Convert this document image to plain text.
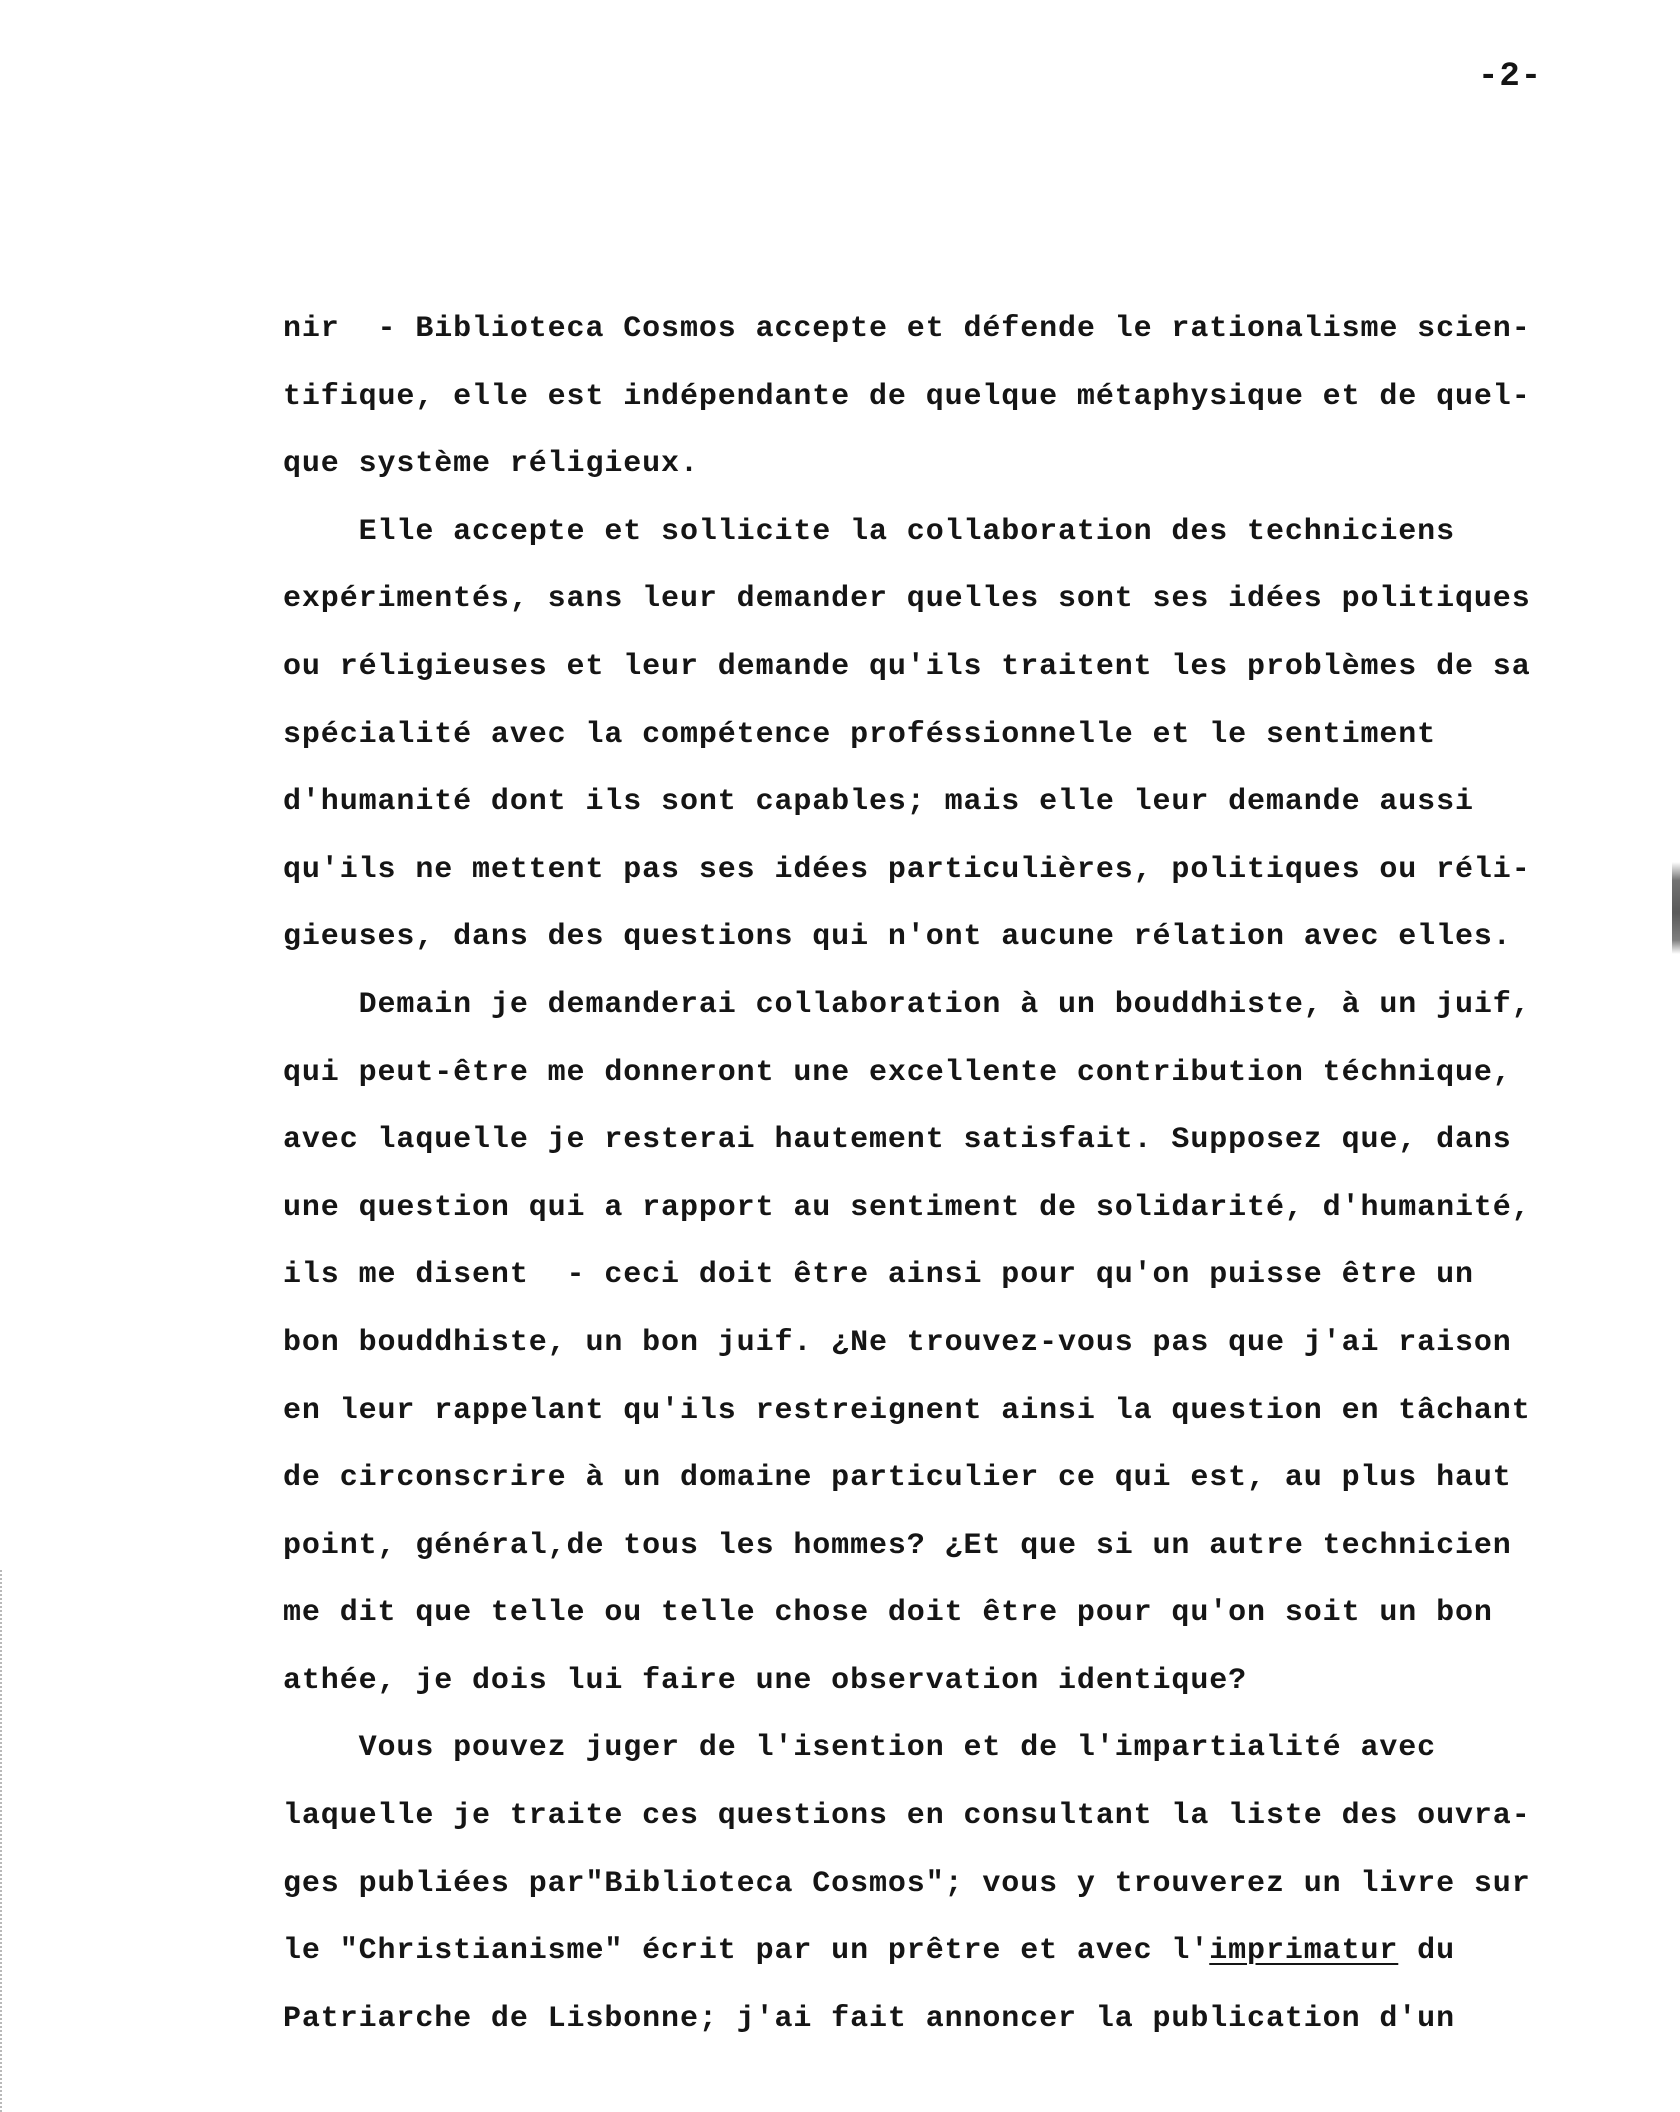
-2-
nir  - Biblioteca Cosmos accepte et défende le rationalisme scien-
tifique, elle est indépendante de quelque métaphysique et de quel-
que système réligieux.
Elle accepte et sollicite la collaboration des techniciens
expérimentés, sans leur demander quelles sont ses idées politiques
ou réligieuses et leur demande qu'ils traitent les problèmes de sa
spécialité avec la compétence proféssionnelle et le sentiment
d'humanité dont ils sont capables; mais elle leur demande aussi
qu'ils ne mettent pas ses idées particulières, politiques ou réli-
gieuses, dans des questions qui n'ont aucune rélation avec elles.
Demain je demanderai collaboration à un bouddhiste, à un juif,
qui peut-être me donneront une excellente contribution téchnique,
avec laquelle je resterai hautement satisfait. Supposez que, dans
une question qui a rapport au sentiment de solidarité, d'humanité,
ils me disent  - ceci doit être ainsi pour qu'on puisse être un
bon bouddhiste, un bon juif. ¿Ne trouvez-vous pas que j'ai raison
en leur rappelant qu'ils restreignent ainsi la question en tâchant
de circonscrire à un domaine particulier ce qui est, au plus haut
point, général,de tous les hommes? ¿Et que si un autre technicien
me dit que telle ou telle chose doit être pour qu'on soit un bon
athée, je dois lui faire une observation identique?
Vous pouvez juger de l'isention et de l'impartialité avec
laquelle je traite ces questions en consultant la liste des ouvra-
ges publiées par"Biblioteca Cosmos"; vous y trouverez un livre sur
le "Christianisme" écrit par un prêtre et avec l'imprimatur du
Patriarche de Lisbonne; j'ai fait annoncer la publication d'un
